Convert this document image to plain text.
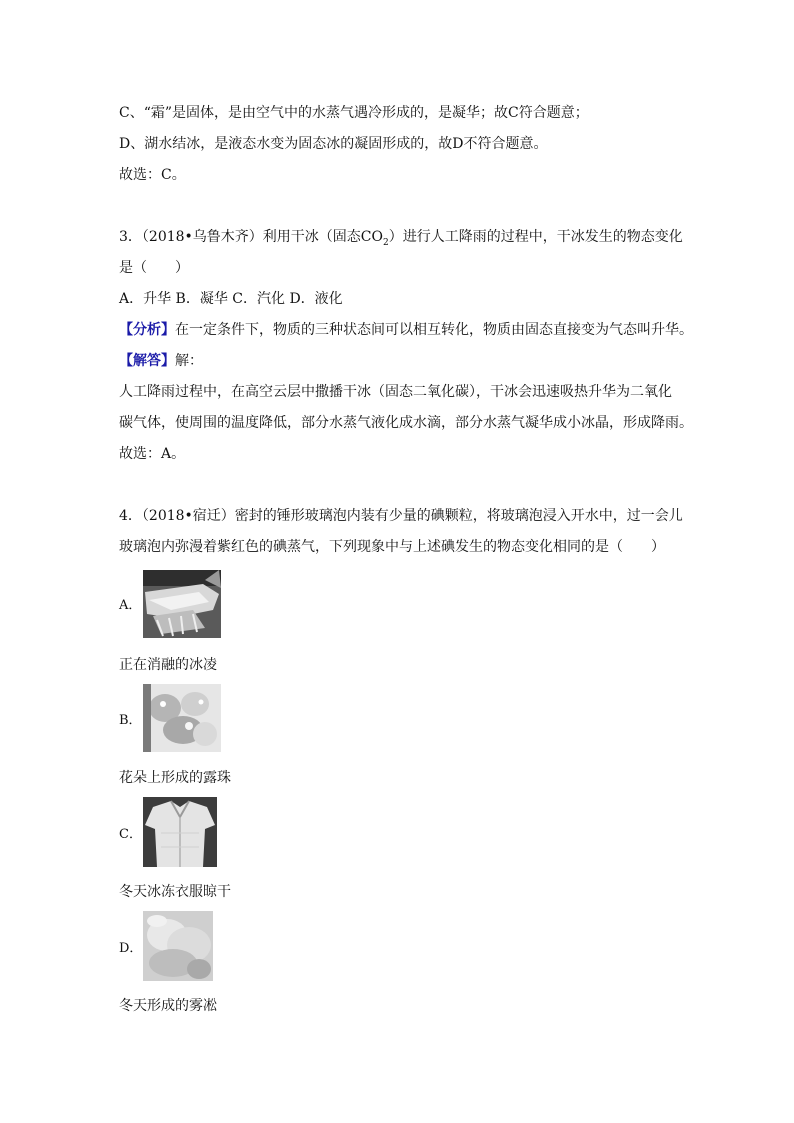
C、“霜”是固体，是由空气中的水蒸气遇冷形成的，是凝华；故C符合题意；
D、湖水结冰，是液态水变为固态冰的凝固形成的，故D不符合题意。
故选：C。
3．（2018•乌鲁木齐）利用干冰（固态$CO_2$）进行人工降雨的过程中，干冰发生的物态变化
是（　　）
A．升华 B．凝华 C．汽化 D．液化
【分析】在一定条件下，物质的三种状态间可以相互转化，物质由固态直接变为气态叫升华。
【解答】解：
人工降雨过程中，在高空云层中撒播干冰（固态二氧化碳），干冰会迅速吸热升华为二氧化
碳气体，使周围的温度降低，部分水蒸气液化成水滴，部分水蒸气凝华成小冰晶，形成降雨。
故选：A。
4．（2018•宿迁）密封的锤形玻璃泡内装有少量的碘颗粒，将玻璃泡浸入开水中，过一会儿
玻璃泡内弥漫着紫红色的碘蒸气，下列现象中与上述碘发生的物态变化相同的是（　　）
A．
正在消融的冰凌
B．
花朵上形成的露珠
C．
冬天冰冻衣服晾干
D．
冬天形成的雾凇
